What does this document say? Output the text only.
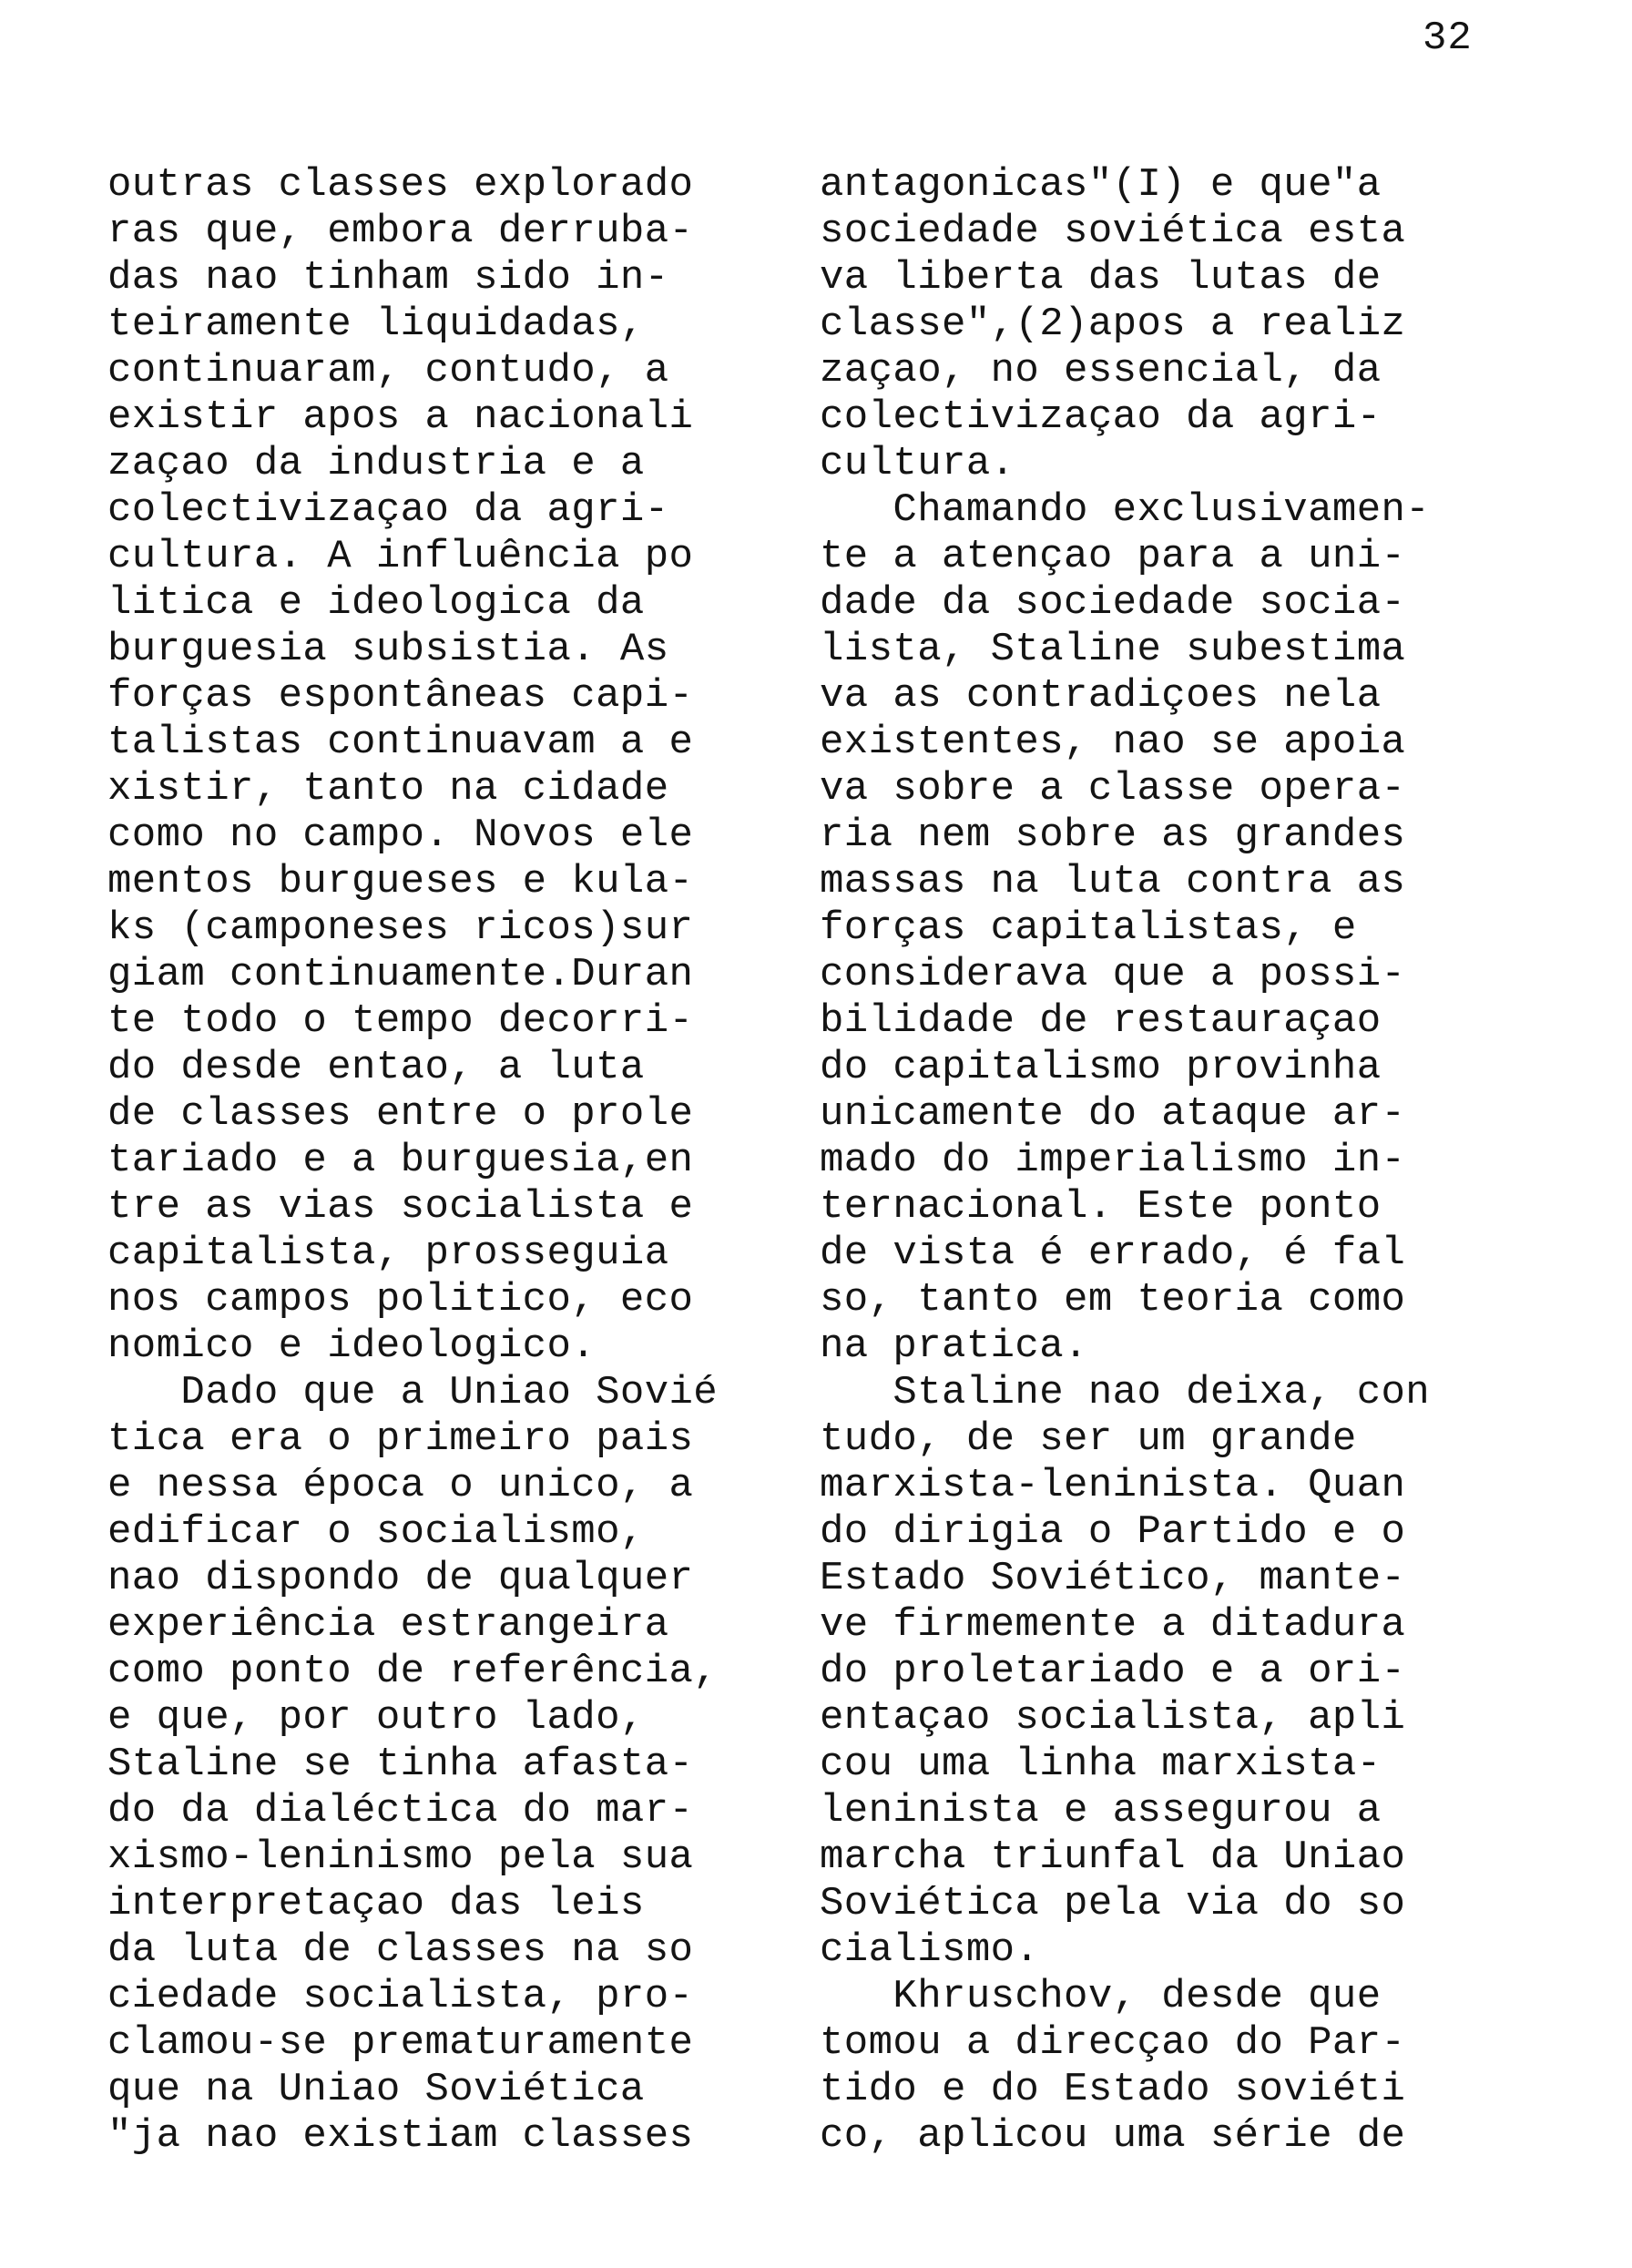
32
outras classes explorado
ras que, embora derruba-
das nao tinham sido in-
teiramente liquidadas,
continuaram, contudo, a
existir apos a nacionali
zaçao da industria e a
colectivizaçao da agri-
cultura. A influência po
litica e ideologica da
burguesia subsistia. As
forças espontâneas capi-
talistas continuavam a e
xistir, tanto na cidade
como no campo. Novos ele
mentos burgueses e kula-
ks (camponeses ricos)sur
giam continuamente.Duran
te todo o tempo decorri-
do desde entao, a luta
de classes entre o prole
tariado e a burguesia,en
tre as vias socialista e
capitalista, prosseguia
nos campos politico, eco
nomico e ideologico.
Dado que a Uniao Sovié
tica era o primeiro pais
e nessa época o unico, a
edificar o socialismo,
nao dispondo de qualquer
experiência estrangeira
como ponto de referência,
e que, por outro lado,
Staline se tinha afasta-
do da dialéctica do mar-
xismo-leninismo pela sua
interpretaçao das leis
da luta de classes na so
ciedade socialista, pro-
clamou-se prematuramente
que na Uniao Soviética
"ja nao existiam classes
antagonicas"(I) e que"a
sociedade soviética esta
va liberta das lutas de
classe",(2)apos a realiz
zaçao, no essencial, da
colectivizaçao da agri-
cultura.
Chamando exclusivamen-
te a atençao para a uni-
dade da sociedade socia-
lista, Staline subestima
va as contradiçoes nela
existentes, nao se apoia
va sobre a classe opera-
ria nem sobre as grandes
massas na luta contra as
forças capitalistas, e
considerava que a possi-
bilidade de restauraçao
do capitalismo provinha
unicamente do ataque ar-
mado do imperialismo in-
ternacional. Este ponto
de vista é errado, é fal
so, tanto em teoria como
na pratica.
Staline nao deixa, con
tudo, de ser um grande
marxista-leninista. Quan
do dirigia o Partido e o
Estado Soviético, mante-
ve firmemente a ditadura
do proletariado e a ori-
entaçao socialista, apli
cou uma linha marxista-
leninista e assegurou a
marcha triunfal da Uniao
Soviética pela via do so
cialismo.
Khruschov, desde que
tomou a direcçao do Par-
tido e do Estado soviéti
co, aplicou uma série de
